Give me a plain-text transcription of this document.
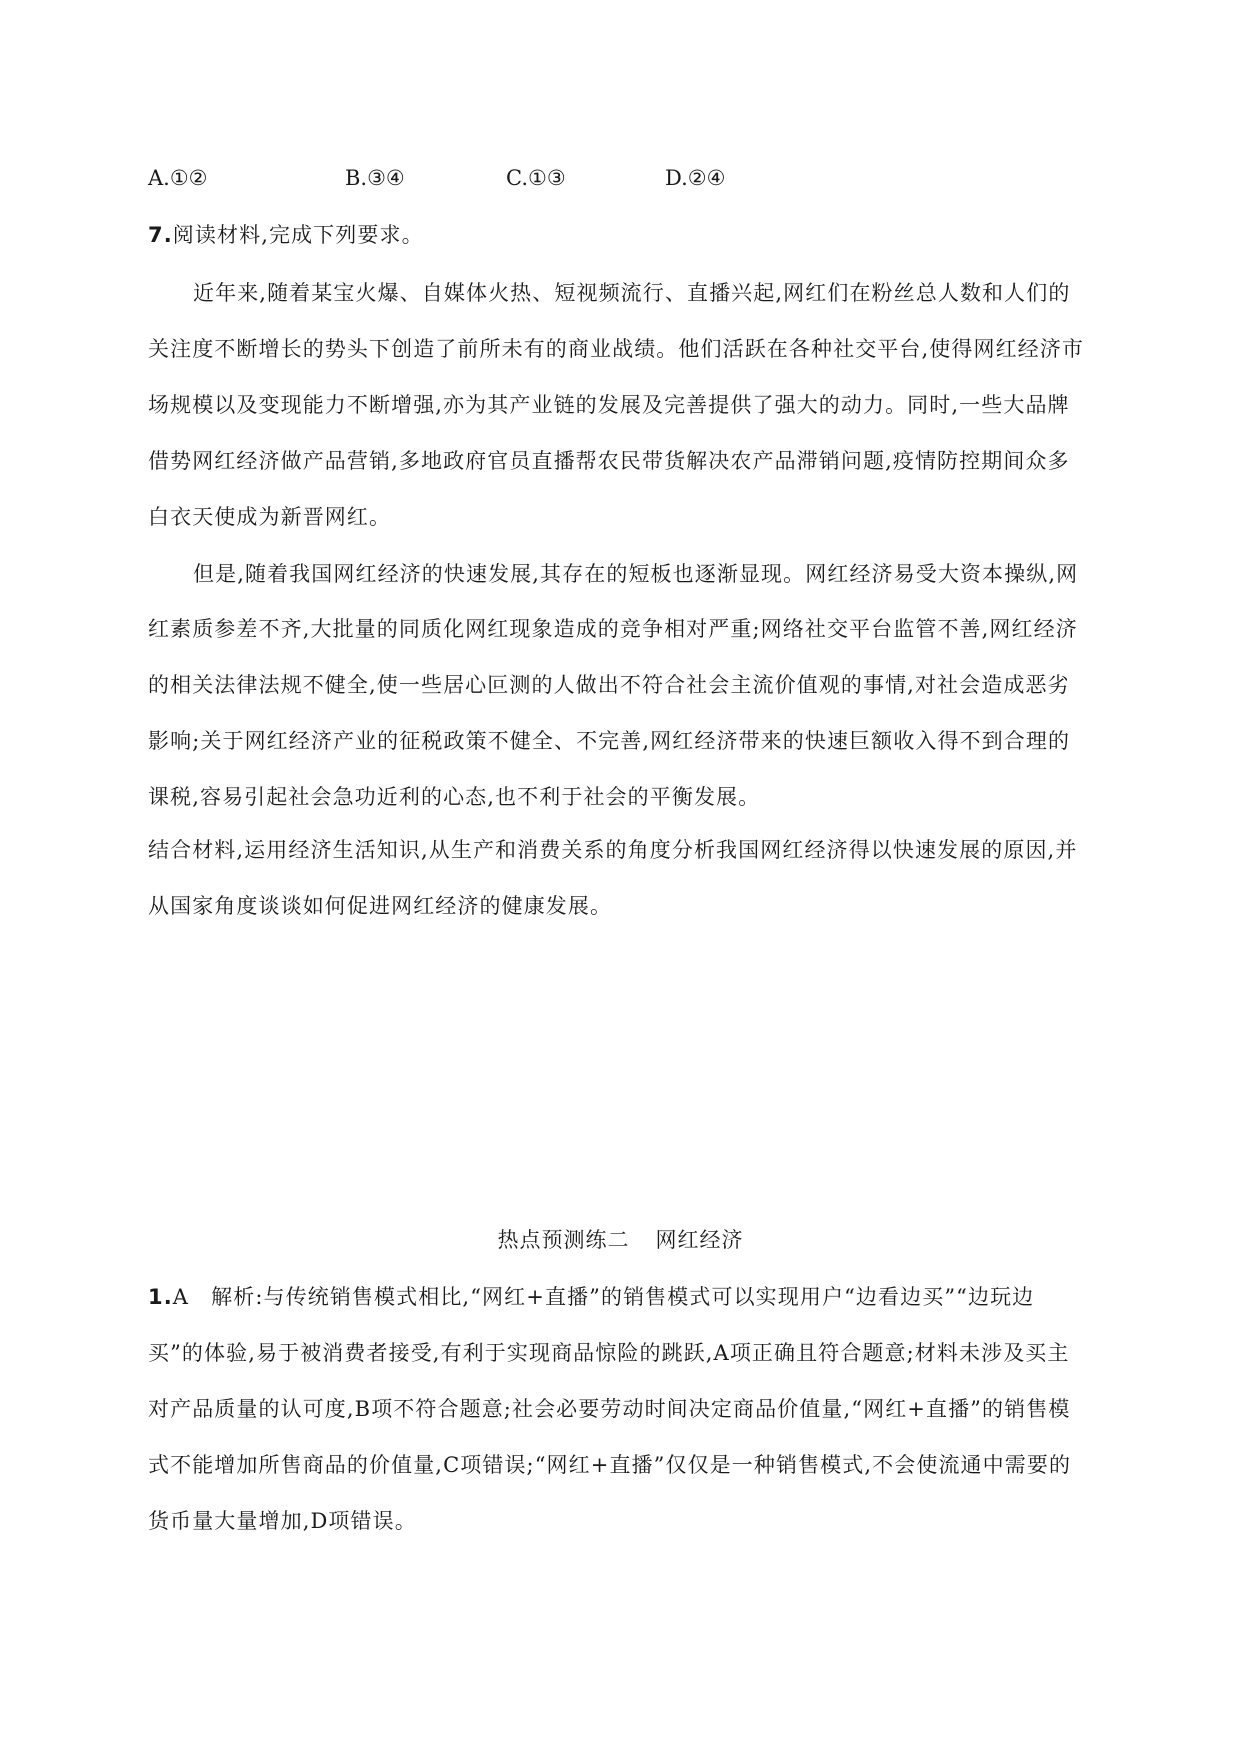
A.①②	B.③④	C.①③	D.②④
7.阅读材料,完成下列要求。
近年来,随着某宝火爆、自媒体火热、短视频流行、直播兴起,网红们在粉丝总人数和人们的
关注度不断增长的势头下创造了前所未有的商业战绩。他们活跃在各种社交平台,使得网红经济市
场规模以及变现能力不断增强,亦为其产业链的发展及完善提供了强大的动力。同时,一些大品牌
借势网红经济做产品营销,多地政府官员直播帮农民带货解决农产品滞销问题,疫情防控期间众多
白衣天使成为新晋网红。
但是,随着我国网红经济的快速发展,其存在的短板也逐渐显现。网红经济易受大资本操纵,网
红素质参差不齐,大批量的同质化网红现象造成的竞争相对严重;网络社交平台监管不善,网红经济
的相关法律法规不健全,使一些居心叵测的人做出不符合社会主流价值观的事情,对社会造成恶劣
影响;关于网红经济产业的征税政策不健全、不完善,网红经济带来的快速巨额收入得不到合理的
课税,容易引起社会急功近利的心态,也不利于社会的平衡发展。
结合材料,运用经济生活知识,从生产和消费关系的角度分析我国网红经济得以快速发展的原因,并
从国家角度谈谈如何促进网红经济的健康发展。
热点预测练二 网红经济
1.A　解析:与传统销售模式相比,“网红+直播”的销售模式可以实现用户“边看边买”“边玩边
买”的体验,易于被消费者接受,有利于实现商品惊险的跳跃,A项正确且符合题意;材料未涉及买主
对产品质量的认可度,B项不符合题意;社会必要劳动时间决定商品价值量,“网红+直播”的销售模
式不能增加所售商品的价值量,C项错误;“网红+直播”仅仅是一种销售模式,不会使流通中需要的
货币量大量增加,D项错误。
